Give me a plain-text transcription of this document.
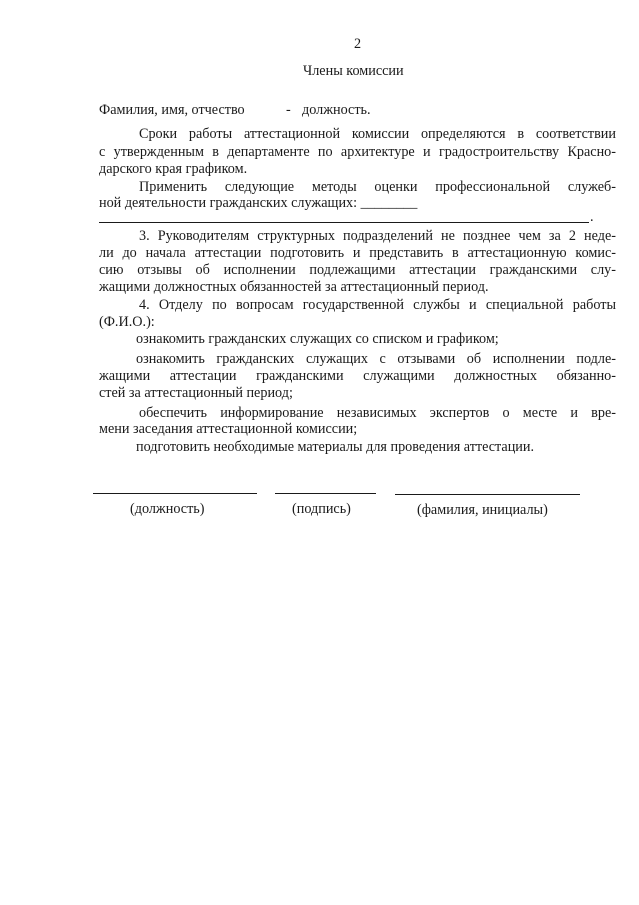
2
Члены комиссии
Фамилия, имя, отчество	- должность.
Сроки работы аттестационной комиссии определяются в соответствии
с утвержденным в департаменте по архитектуре и градостроительству Красно-
дарского края графиком.
Применить следующие методы оценки профессиональной служеб-
ной деятельности гражданских служащих: ________
.
3. Руководителям структурных подразделений не позднее чем за 2 неде-
ли до начала аттестации подготовить и представить в аттестационную комис-
сию отзывы об исполнении подлежащими аттестации гражданскими слу-
жащими должностных обязанностей за аттестационный период.
4. Отделу по вопросам государственной службы и специальной работы
(Ф.И.О.):
ознакомить гражданских служащих со списком и графиком;
ознакомить гражданских служащих с отзывами об исполнении подле-
жащими аттестации гражданскими служащими должностных обязанно-
стей за аттестационный период;
обеспечить информирование независимых экспертов о месте и вре-
мени заседания аттестационной комиссии;
подготовить необходимые материалы для проведения аттестации.
(должность)	(подпись)	(фамилия, инициалы)
